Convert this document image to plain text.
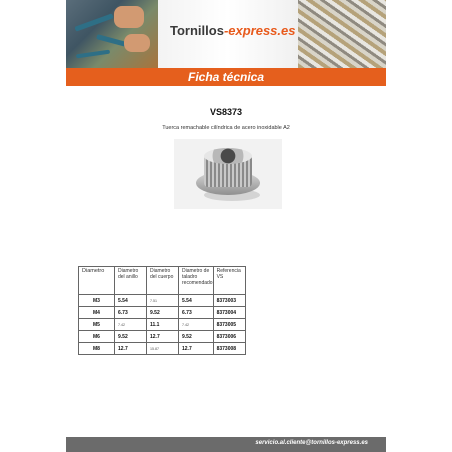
Tornillos-express.es
Ficha técnica
VS8373
Tuerca remachable cilíndrica de acero inoxidable A2
Diametro	Diametro del anillo	Diametro del cuerpo	Diametro de taladro recomendado	Referencia VS
M3	5.54	7.51	5.54	8373003
M4	6.73	9.52	6.73	8373004
M5	7.42	11.1	7.42	8373005
M6	9.52	12.7	9.52	8373006
M8	12.7	15.87	12.7	8373008
servicio.al.cliente@tornillos-express.es
